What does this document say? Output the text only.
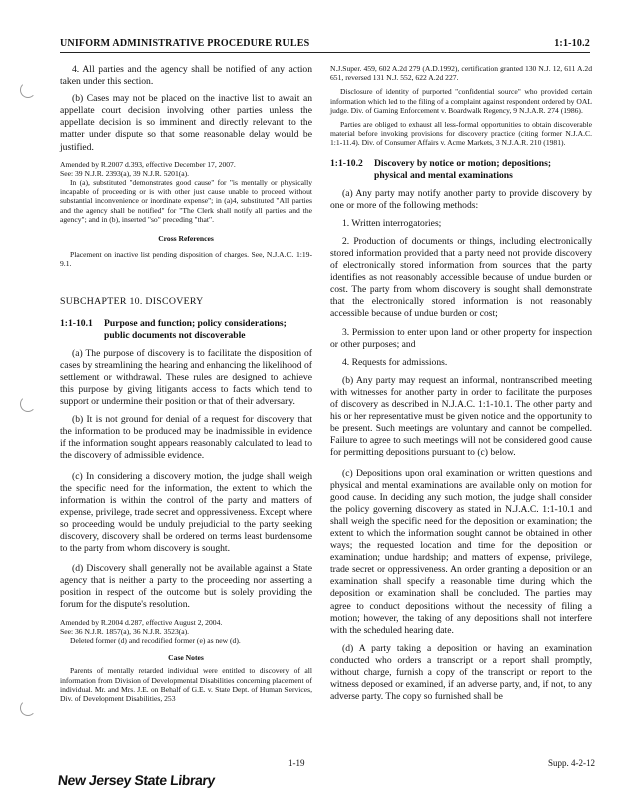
UNIFORM ADMINISTRATIVE PROCEDURE RULES	1:1-10.2

4. All parties and the agency shall be notified of any action taken under this section.

(b) Cases may not be placed on the inactive list to await an appellate court decision involving other parties unless the appellate decision is so imminent and directly relevant to the matter under dispute so that some reasonable delay would be justified.

Amended by R.2007 d.393, effective December 17, 2007.

See: 39 N.J.R. 2393(a), 39 N.J.R. 5201(a).

In (a), substituted "demonstrates good cause" for "is mentally or physically incapable of proceeding or is with other just cause unable to proceed without substantial inconvenience or inordinate expense"; in (a)4, substituted "All parties and the agency shall be notified" for "The Clerk shall notify all parties and the agency"; and in (b), inserted "so" preceding "that".

Cross References

Placement on inactive list pending disposition of charges. See, N.J.A.C. 1:19-9.1.

SUBCHAPTER 10. DISCOVERY

1:1-10.1 Purpose and function; policy considerations;
public documents not discoverable

(a) The purpose of discovery is to facilitate the disposition of cases by streamlining the hearing and enhancing the likelihood of settlement or withdrawal. These rules are designed to achieve this purpose by giving litigants access to facts which tend to support or undermine their position or that of their adversary.

(b) It is not ground for denial of a request for discovery that the information to be produced may be inadmissible in evidence if the information sought appears reasonably calculated to lead to the discovery of admissible evidence.

(c) In considering a discovery motion, the judge shall weigh the specific need for the information, the extent to which the information is within the control of the party and matters of expense, privilege, trade secret and oppressiveness. Except where so proceeding would be unduly prejudicial to the party seeking discovery, discovery shall be ordered on terms least burdensome to the party from whom discovery is sought.

(d) Discovery shall generally not be available against a State agency that is neither a party to the proceeding nor asserting a position in respect of the outcome but is solely providing the forum for the dispute's resolution.

Amended by R.2004 d.287, effective August 2, 2004.

See: 36 N.J.R. 1857(a), 36 N.J.R. 3523(a).

Deleted former (d) and recodified former (e) as new (d).

Case Notes

Parents of mentally retarded individual were entitled to discovery of all information from Division of Developmental Disabilities concerning placement of individual. Mr. and Mrs. J.E. on Behalf of G.E. v. State Dept. of Human Services, Div. of Development Disabilities, 253

N.J.Super. 459, 602 A.2d 279 (A.D.1992), certification granted 130 N.J. 12, 611 A.2d 651, reversed 131 N.J. 552, 622 A.2d 227.

Disclosure of identity of purported "confidential source" who provided certain information which led to the filing of a complaint against respondent ordered by OAL judge. Div. of Gaming Enforcement v. Boardwalk Regency, 9 N.J.A.R. 274 (1986).

Parties are obliged to exhaust all less-formal opportunities to obtain discoverable material before invoking provisions for discovery practice (citing former N.J.A.C. 1:1-11.4). Div. of Consumer Affairs v. Acme Markets, 3 N.J.A.R. 210 (1981).

1:1-10.2 Discovery by notice or motion; depositions;
physical and mental examinations

(a) Any party may notify another party to provide discovery by one or more of the following methods:

1. Written interrogatories;

2. Production of documents or things, including electronically stored information provided that a party need not provide discovery of electronically stored information from sources that the party identifies as not reasonably accessible because of undue burden or cost. The party from whom discovery is sought shall demonstrate that the electronically stored information is not reasonably accessible because of undue burden or cost;

3. Permission to enter upon land or other property for inspection or other purposes; and

4. Requests for admissions.

(b) Any party may request an informal, nontranscribed meeting with witnesses for another party in order to facilitate the purposes of discovery as described in N.J.A.C. 1:1-10.1. The other party and his or her representative must be given notice and the opportunity to be present. Such meetings are voluntary and cannot be compelled. Failure to agree to such meetings will not be considered good cause for permitting depositions pursuant to (c) below.

(c) Depositions upon oral examination or written questions and physical and mental examinations are available only on motion for good cause. In deciding any such motion, the judge shall consider the policy governing discovery as stated in N.J.A.C. 1:1-10.1 and shall weigh the specific need for the deposition or examination; the extent to which the information sought cannot be obtained in other ways; the requested location and time for the deposition or examination; undue hardship; and matters of expense, privilege, trade secret or oppressiveness. An order granting a deposition or an examination shall specify a reasonable time during which the deposition or examination shall be concluded. The parties may agree to conduct depositions without the necessity of filing a motion; however, the taking of any depositions shall not interfere with the scheduled hearing date.

(d) A party taking a deposition or having an examination conducted who orders a transcript or a report shall promptly, without charge, furnish a copy of the transcript or report to the witness deposed or examined, if an adverse party, and, if not, to any adverse party. The copy so furnished shall be

1-19	Supp. 4-2-12
New Jersey State Library
